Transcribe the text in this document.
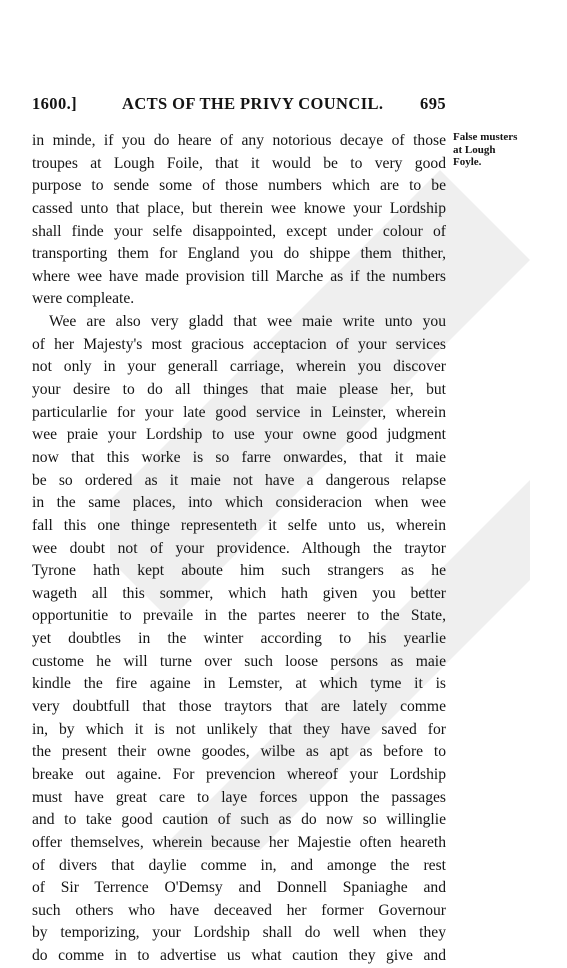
1600.]	ACTS OF THE PRIVY COUNCIL. 695
False musters
at Lough
Foyle.
in minde, if you do heare of any notorious decaye of those
troupes at Lough Foile, that it would be to very good
purpose to sende some of those numbers which are to be
cassed unto that place, but therein wee knowe your Lordship
shall finde your selfe disappointed, except under colour of
transporting them for England you do shippe them thither,
where wee have made provision till Marche as if the numbers
were compleate.
Wee are also very gladd that wee maie write unto you
of her Majesty's most gracious acceptacion of your services
not only in your generall carriage, wherein you discover
your desire to do all thinges that maie please her, but
particularlie for your late good service in Leinster, wherein
wee praie your Lordship to use your owne good judgment
now that this worke is so farre onwardes, that it maie
be so ordered as it maie not have a dangerous relapse
in the same places, into which consideracion when wee
fall this one thinge representeth it selfe unto us, wherein
wee doubt not of your providence. Although the traytor
Tyrone hath kept aboute him such strangers as he
wageth all this sommer, which hath given you better
opportunitie to prevaile in the partes neerer to the State,
yet doubtles in the winter according to his yearlie
custome he will turne over such loose persons as maie
kindle the fire againe in Lemster, at which tyme it is
very doubtfull that those traytors that are lately comme
in, by which it is not unlikely that they have saved for
the present their owne goodes, wilbe as apt as before to
breake out againe. For prevencion whereof your Lordship
must have great care to laye forces uppon the passages
and to take good caution of such as do now so willinglie
offer themselves, wherein because her Majestie often heareth
of divers that daylie comme in, and amonge the rest
of Sir Terrence O'Demsy and Donnell Spaniaghe and
such others who have deceaved her former Governour
by temporizing, your Lordship shall do well when they
do comme in to advertise us what caution they give and
